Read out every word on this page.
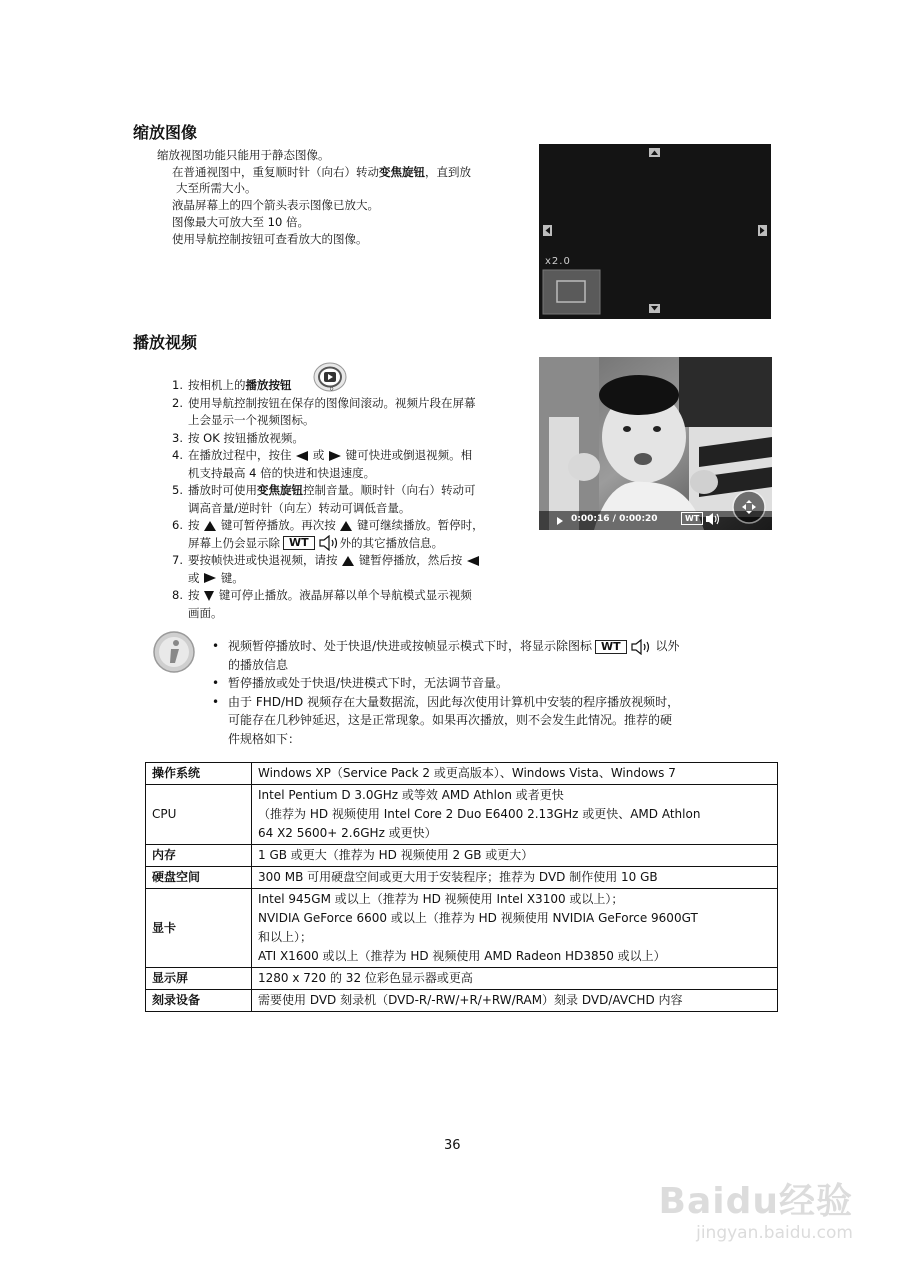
缩放图像
缩放视图功能只能用于静态图像。
在普通视图中，重复顺时针（向右）转动变焦旋钮，直到放
大至所需大小。
液晶屏幕上的四个箭头表示图像已放大。
图像最大可放大至 10 倍。
使用导航控制按钮可查看放大的图像。
x2.0
播放视频
1. 按相机上的播放按钮	。
2. 使用导航控制按钮在保存的图像间滚动。视频片段在屏幕
上会显示一个视频图标。
3. 按 OK 按钮播放视频。
4. 在播放过程中，按住 或 键可快进或倒退视频。相
机支持最高 4 倍的快进和快退速度。
5. 播放时可使用变焦旋钮控制音量。顺时针（向右）转动可
调高音量/逆时针（向左）转动可调低音量。
6. 按 键可暂停播放。再次按 键可继续播放。暂停时，
屏幕上仍会显示除 WT	外的其它播放信息。
7. 要按帧快进或快退视频，请按 键暂停播放，然后按
或 键。
8. 按 键可停止播放。液晶屏幕以单个导航模式显示视频
画面。
0:00:16 / 0:00:20	WT
• 视频暂停播放时、处于快退/快进或按帧显示模式下时，将显示除图标 WT	以外
的播放信息
• 暂停播放或处于快退/快进模式下时，无法调节音量。
• 由于 FHD/HD 视频存在大量数据流，因此每次使用计算机中安装的程序播放视频时，
可能存在几秒钟延迟，这是正常现象。如果再次播放，则不会发生此情况。推荐的硬
件规格如下：
操作系统	Windows XP（Service Pack 2 或更高版本）、Windows Vista、Windows 7
CPU	Intel Pentium D 3.0GHz 或等效 AMD Athlon 或者更快
（推荐为 HD 视频使用 Intel Core 2 Duo E6400 2.13GHz 或更快、AMD Athlon
64 X2 5600+ 2.6GHz 或更快）
内存	1 GB 或更大（推荐为 HD 视频使用 2 GB 或更大）
硬盘空间	300 MB 可用硬盘空间或更大用于安装程序；推荐为 DVD 制作使用 10 GB
显卡	Intel 945GM 或以上（推荐为 HD 视频使用 Intel X3100 或以上）；
NVIDIA GeForce 6600 或以上（推荐为 HD 视频使用 NVIDIA GeForce 9600GT
和以上）；
ATI X1600 或以上（推荐为 HD 视频使用 AMD Radeon HD3850 或以上）
显示屏	1280 x 720 的 32 位彩色显示器或更高
刻录设备	需要使用 DVD 刻录机（DVD-R/-RW/+R/+RW/RAM）刻录 DVD/AVCHD 内容
36
Baidu经验
jingyan.baidu.com
